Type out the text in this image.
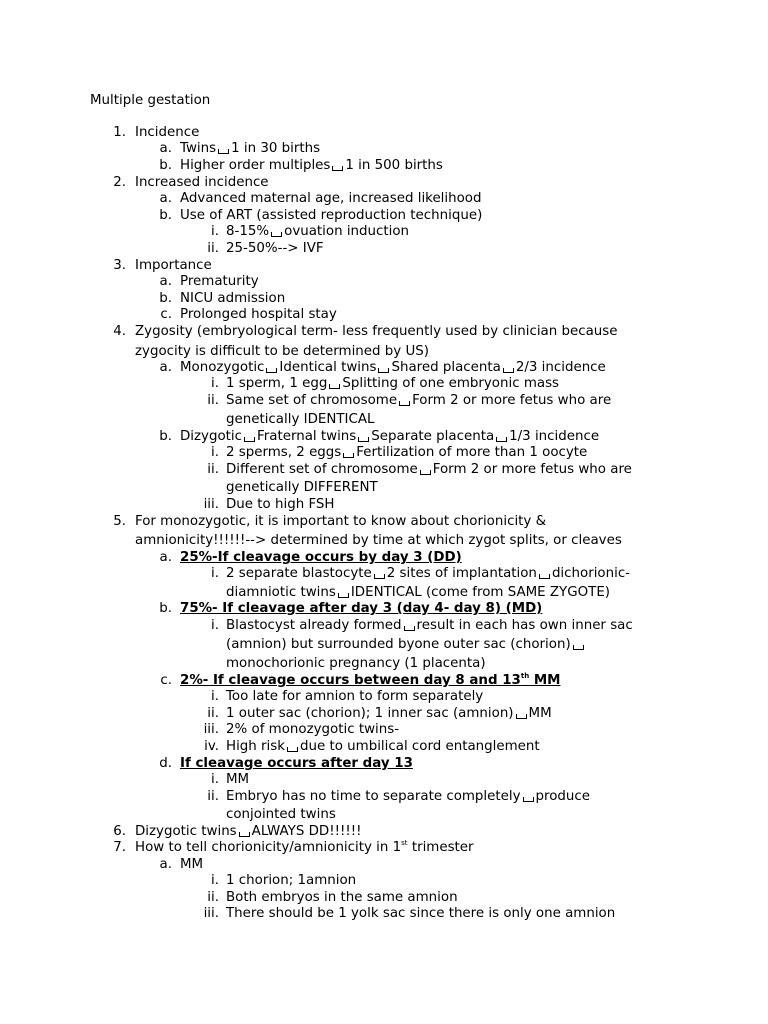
Multiple gestation
1. Incidence
a. Twins 1 in 30 births
b. Higher order multiples 1 in 500 births
2. Increased incidence
a. Advanced maternal age, increased likelihood
b. Use of ART (assisted reproduction technique)
i. 8-15% ovuation induction
ii. 25-50%--> IVF
3. Importance
a. Prematurity
b. NICU admission
c. Prolonged hospital stay
4. Zygosity (embryological term- less frequently used by clinician because
zygocity is difficult to be determined by US)
a. Monozygotic Identical twins Shared placenta 2/3 incidence
i. 1 sperm, 1 egg Splitting of one embryonic mass
ii. Same set of chromosome Form 2 or more fetus who are
genetically IDENTICAL
b. Dizygotic Fraternal twins Separate placenta 1/3 incidence
i. 2 sperms, 2 eggs Fertilization of more than 1 oocyte
ii. Different set of chromosome Form 2 or more fetus who are
genetically DIFFERENT
iii. Due to high FSH
5. For monozygotic, it is important to know about chorionicity &
amnionicity!!!!!!--> determined by time at which zygot splits, or cleaves
a. 25%-If cleavage occurs by day 3 (DD)
i. 2 separate blastocyte 2 sites of implantation dichorionic-
diamniotic twins IDENTICAL (come from SAME ZYGOTE)
b. 75%- If cleavage after day 3 (day 4- day 8) (MD)
i. Blastocyst already formed result in each has own inner sac
(amnion) but surrounded byone outer sac (chorion)
monochorionic pregnancy (1 placenta)
c. 2%- If cleavage occurs between day 8 and 13th MM
i. Too late for amnion to form separately
ii. 1 outer sac (chorion); 1 inner sac (amnion) MM
iii. 2% of monozygotic twins-
iv. High risk due to umbilical cord entanglement
d. If cleavage occurs after day 13
i. MM
ii. Embryo has no time to separate completely produce
conjointed twins
6. Dizygotic twins ALWAYS DD!!!!!!
7. How to tell chorionicity/amnionicity in 1st trimester
a. MM
i. 1 chorion; 1amnion
ii. Both embryos in the same amnion
iii. There should be 1 yolk sac since there is only one amnion
